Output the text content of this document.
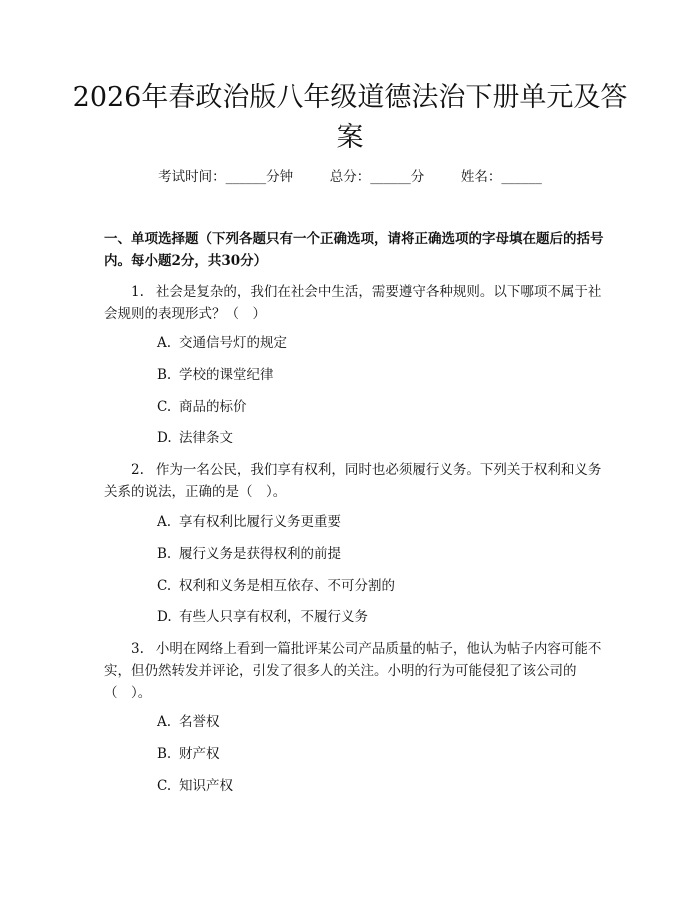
2026年春政治版八年级道德法治下册单元及答案
考试时间：______分钟	总分：______分	姓名：______

一、单项选择题（下列各题只有一个正确选项，请将正确选项的字母填在题后的括号内。每小题2分，共30分）

1. 社会是复杂的，我们在社会中生活，需要遵守各种规则。以下哪项不属于社会规则的表现形式？（　）

A. 交通信号灯的规定

B. 学校的课堂纪律

C. 商品的标价

D. 法律条文

2. 作为一名公民，我们享有权利，同时也必须履行义务。下列关于权利和义务关系的说法，正确的是（　）。

A. 享有权利比履行义务更重要

B. 履行义务是获得权利的前提

C. 权利和义务是相互依存、不可分割的

D. 有些人只享有权利，不履行义务

3. 小明在网络上看到一篇批评某公司产品质量的帖子，他认为帖子内容可能不实，但仍然转发并评论，引发了很多人的关注。小明的行为可能侵犯了该公司的（　）。

A. 名誉权

B. 财产权

C. 知识产权
